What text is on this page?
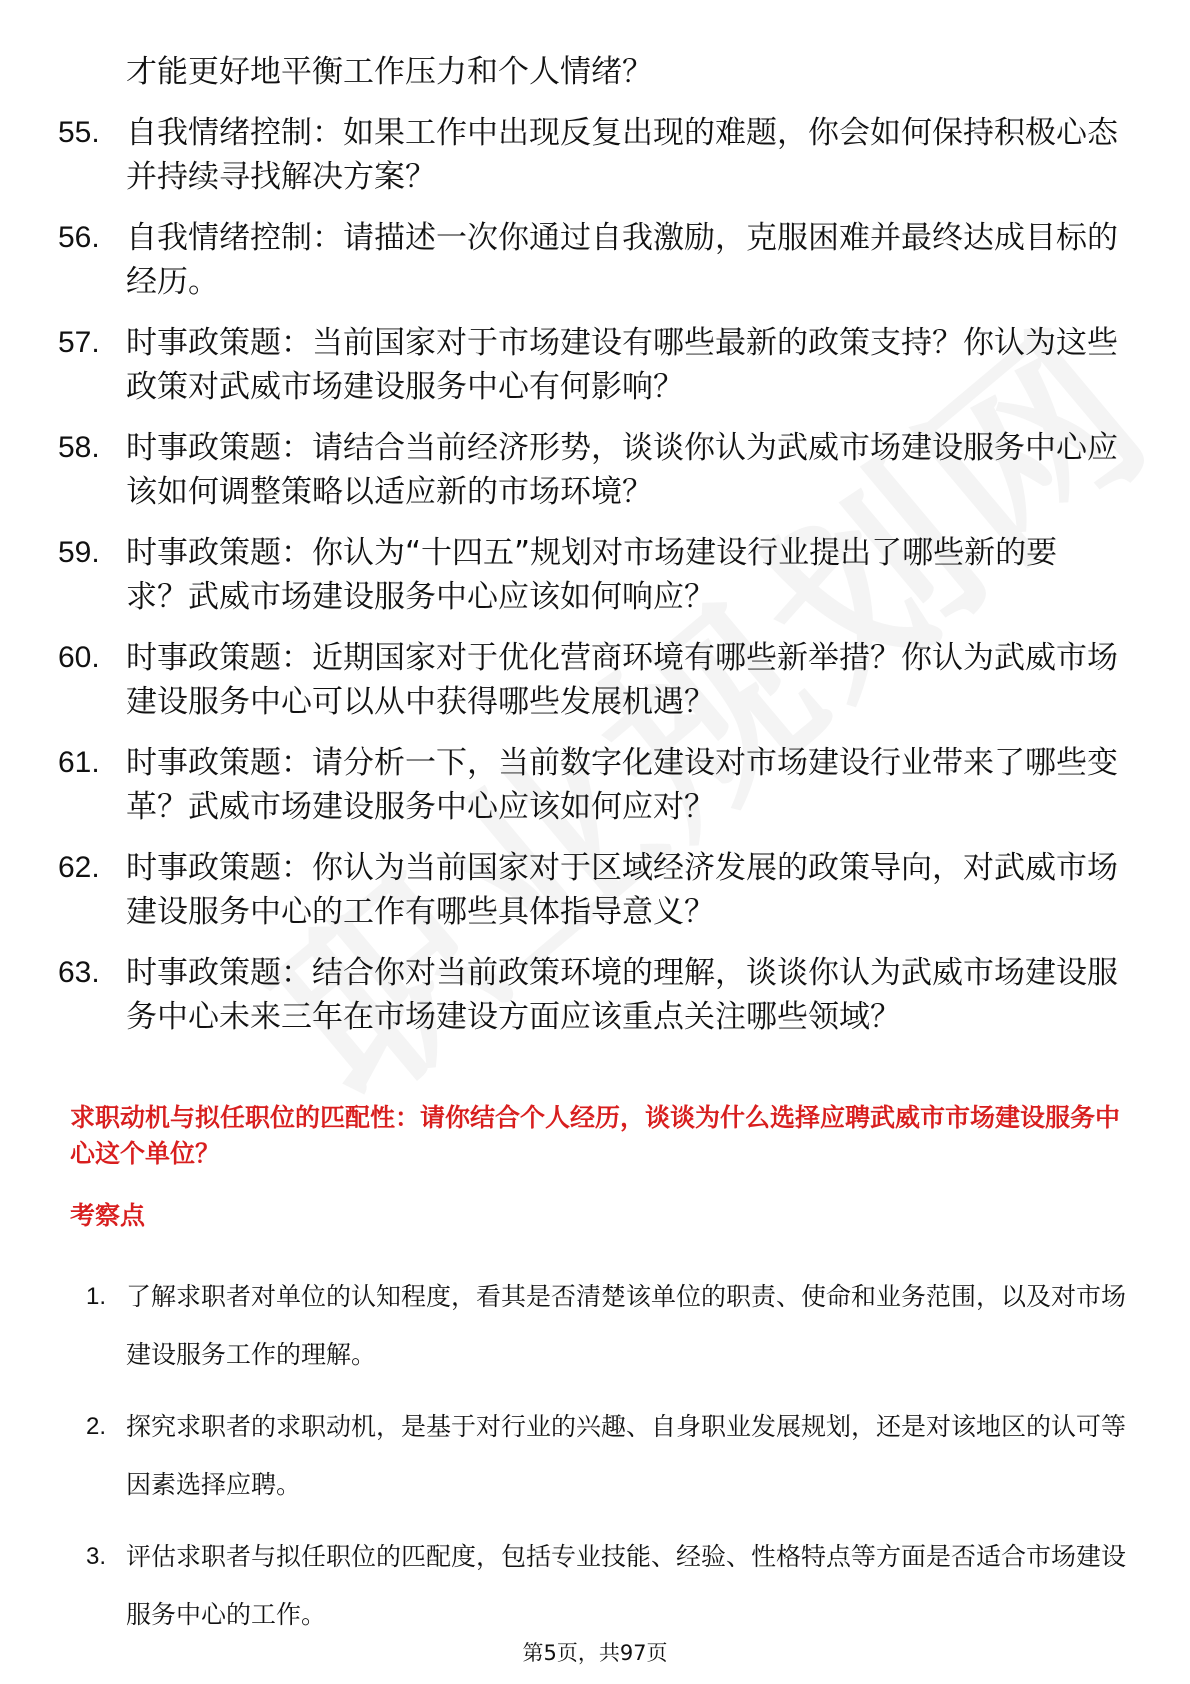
才能更好地平衡工作压力和个人情绪？
55. 自我情绪控制：如果工作中出现反复出现的难题，你会如何保持积极心态并持续寻找解决方案？
56. 自我情绪控制：请描述一次你通过自我激励，克服困难并最终达成目标的经历。
57. 时事政策题：当前国家对于市场建设有哪些最新的政策支持？你认为这些政策对武威市场建设服务中心有何影响？
58. 时事政策题：请结合当前经济形势，谈谈你认为武威市场建设服务中心应该如何调整策略以适应新的市场环境？
59. 时事政策题：你认为“十四五”规划对市场建设行业提出了哪些新的要求？武威市场建设服务中心应该如何响应？
60. 时事政策题：近期国家对于优化营商环境有哪些新举措？你认为武威市场建设服务中心可以从中获得哪些发展机遇？
61. 时事政策题：请分析一下，当前数字化建设对市场建设行业带来了哪些变革？武威市场建设服务中心应该如何应对？
62. 时事政策题：你认为当前国家对于区域经济发展的政策导向，对武威市场建设服务中心的工作有哪些具体指导意义？
63. 时事政策题：结合你对当前政策环境的理解，谈谈你认为武威市场建设服务中心未来三年在市场建设方面应该重点关注哪些领域？
求职动机与拟任职位的匹配性：请你结合个人经历，谈谈为什么选择应聘武威市市场建设服务中心这个单位？
考察点
1. 了解求职者对单位的认知程度，看其是否清楚该单位的职责、使命和业务范围，以及对市场建设服务工作的理解。
2. 探究求职者的求职动机，是基于对行业的兴趣、自身职业发展规划，还是对该地区的认可等因素选择应聘。
3. 评估求职者与拟任职位的匹配度，包括专业技能、经验、性格特点等方面是否适合市场建设服务中心的工作。
第5页，共97页
